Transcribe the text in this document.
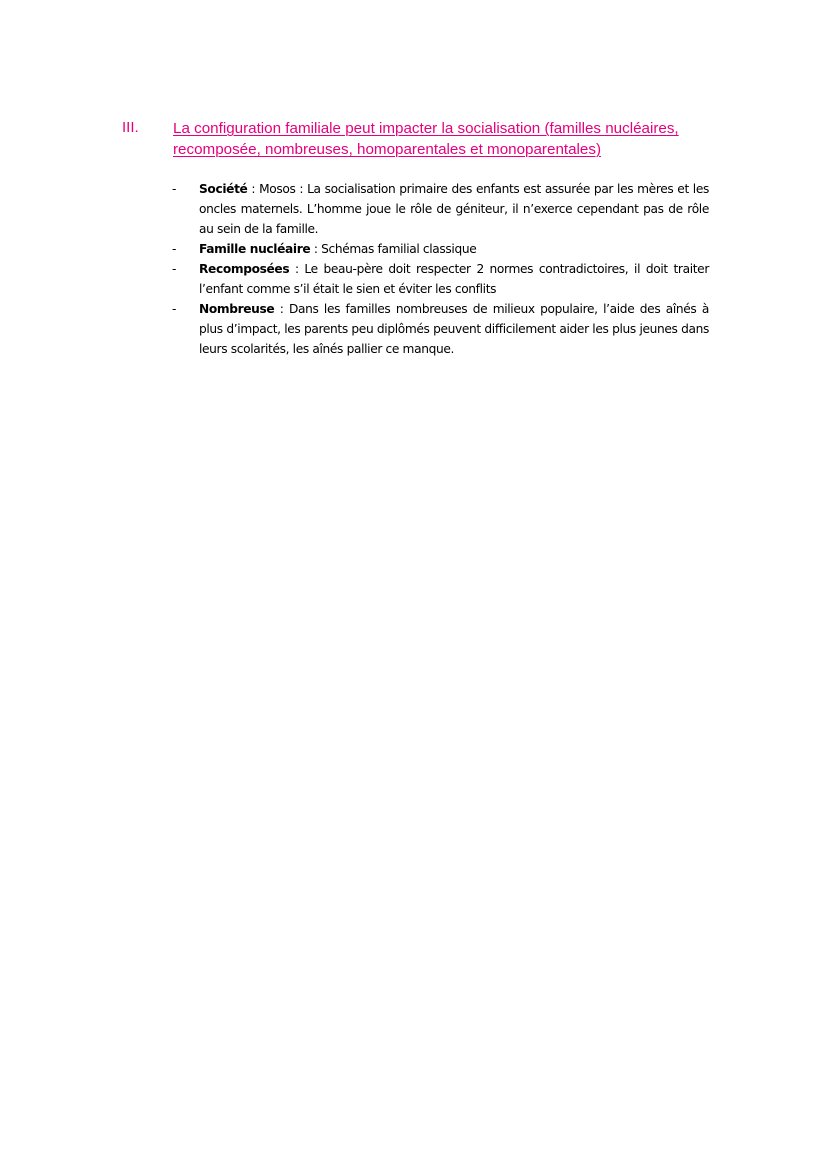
III. La configuration familiale peut impacter la socialisation (familles nucléaires, recomposée, nombreuses, homoparentales et monoparentales)
- Société : Mosos : La socialisation primaire des enfants est assurée par les mères et les oncles maternels. L’homme joue le rôle de géniteur, il n’exerce cependant pas de rôle au sein de la famille.
- Famille nucléaire : Schémas familial classique
- Recomposées : Le beau-père doit respecter 2 normes contradictoires, il doit traiter l’enfant comme s’il était le sien et éviter les conflits
- Nombreuse : Dans les familles nombreuses de milieux populaire, l’aide des aînés à plus d’impact, les parents peu diplômés peuvent difficilement aider les plus jeunes dans leurs scolarités, les aînés pallier ce manque.
